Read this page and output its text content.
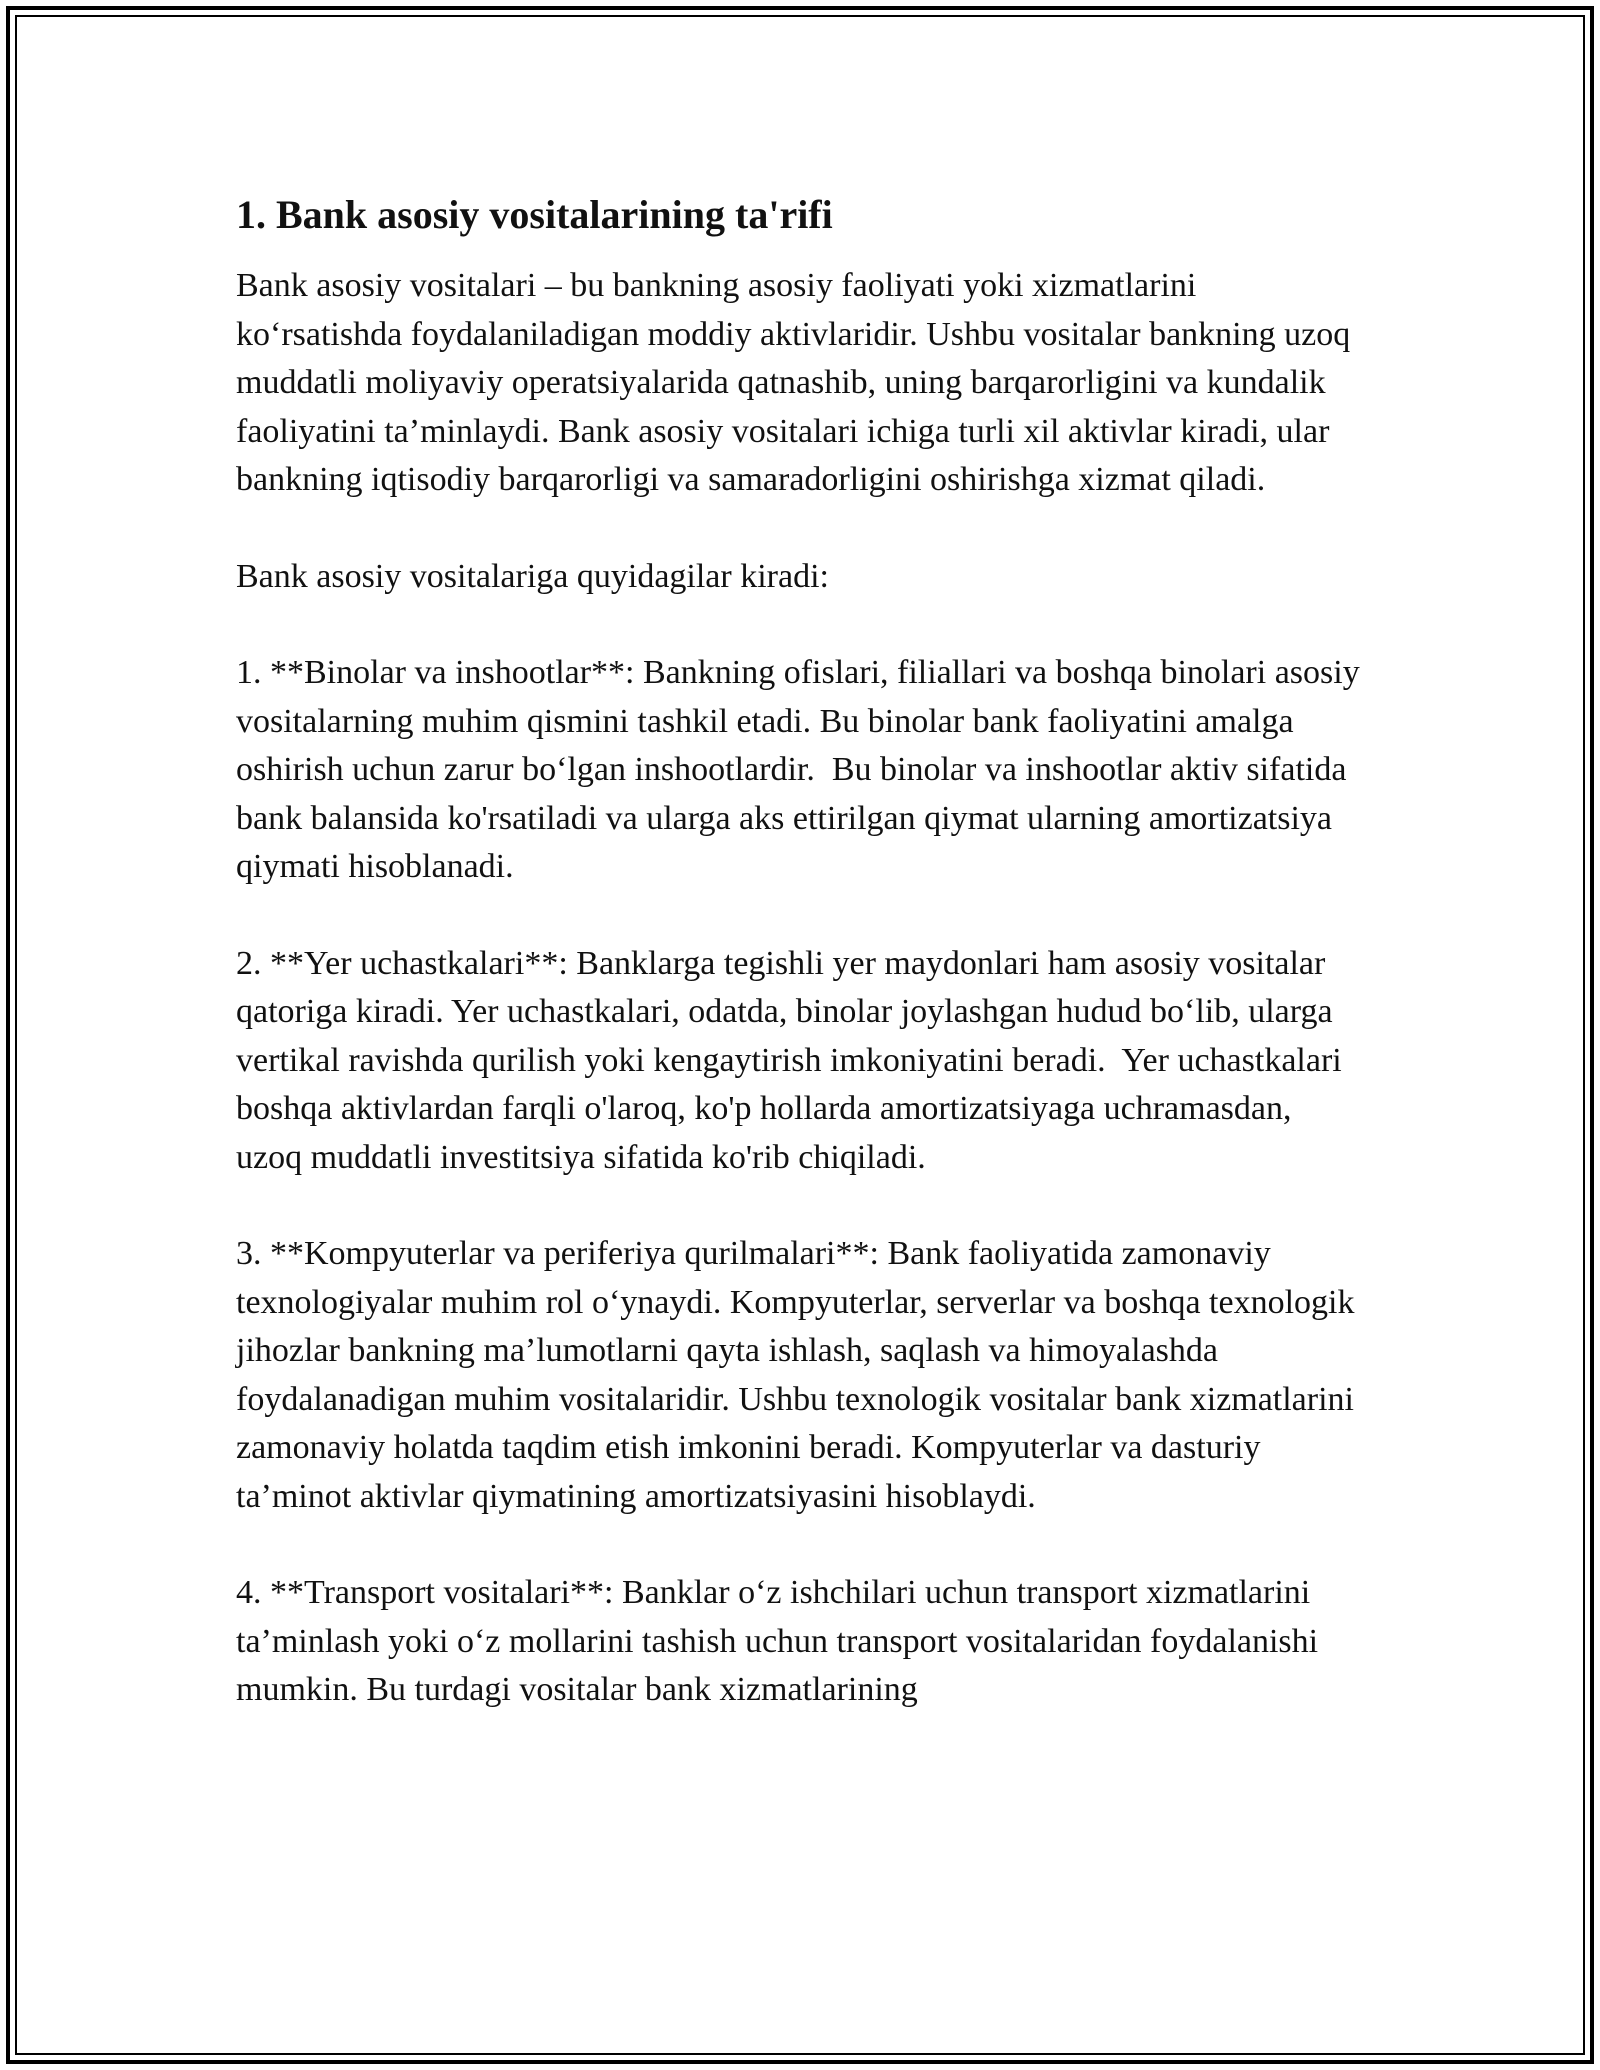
1. Bank asosiy vositalarining ta'rifi

Bank asosiy vositalari – bu bankning asosiy faoliyati yoki xizmatlarini ko‘rsatishda foydalaniladigan moddiy aktivlaridir. Ushbu vositalar bankning uzoq muddatli moliyaviy operatsiyalarida qatnashib, uning barqarorligini va kundalik faoliyatini ta’minlaydi. Bank asosiy vositalari ichiga turli xil aktivlar kiradi, ular bankning iqtisodiy barqarorligi va samaradorligini oshirishga xizmat qiladi.

Bank asosiy vositalariga quyidagilar kiradi:

1. **Binolar va inshootlar**: Bankning ofislari, filiallari va boshqa binolari asosiy vositalarning muhim qismini tashkil etadi. Bu binolar bank faoliyatini amalga oshirish uchun zarur bo‘lgan inshootlardir.  Bu binolar va inshootlar aktiv sifatida bank balansida ko'rsatiladi va ularga aks ettirilgan qiymat ularning amortizatsiya qiymati hisoblanadi.

2. **Yer uchastkalari**: Banklarga tegishli yer maydonlari ham asosiy vositalar qatoriga kiradi. Yer uchastkalari, odatda, binolar joylashgan hudud bo‘lib, ularga vertikal ravishda qurilish yoki kengaytirish imkoniyatini beradi.  Yer uchastkalari boshqa aktivlardan farqli o'laroq, ko'p hollarda amortizatsiyaga uchramasdan, uzoq muddatli investitsiya sifatida ko'rib chiqiladi.

3. **Kompyuterlar va periferiya qurilmalari**: Bank faoliyatida zamonaviy texnologiyalar muhim rol o‘ynaydi. Kompyuterlar, serverlar va boshqa texnologik jihozlar bankning ma’lumotlarni qayta ishlash, saqlash va himoyalashda foydalanadigan muhim vositalaridir. Ushbu texnologik vositalar bank xizmatlarini zamonaviy holatda taqdim etish imkonini beradi. Kompyuterlar va dasturiy ta’minot aktivlar qiymatining amortizatsiyasini hisoblaydi.

4. **Transport vositalari**: Banklar o‘z ishchilari uchun transport xizmatlarini ta’minlash yoki o‘z mollarini tashish uchun transport vositalaridan foydalanishi mumkin. Bu turdagi vositalar bank xizmatlarining
